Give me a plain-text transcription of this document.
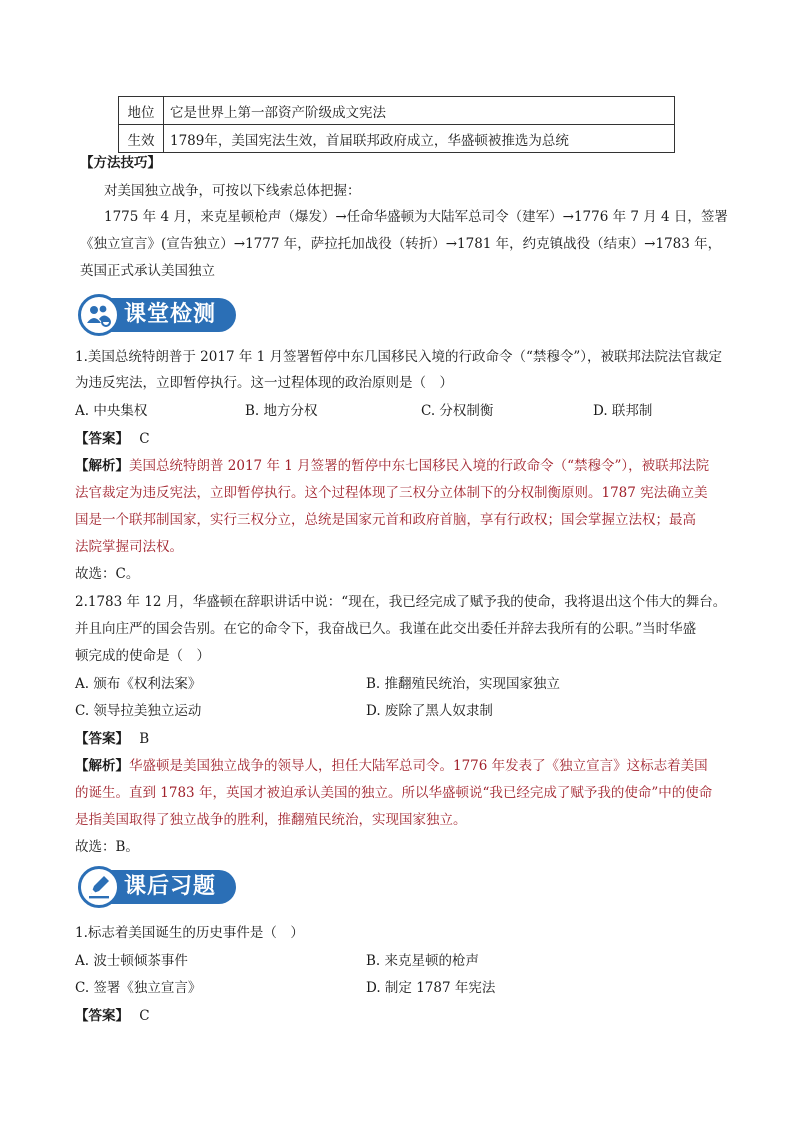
地位	它是世界上第一部资产阶级成文宪法
生效	1789年，美国宪法生效，首届联邦政府成立，华盛顿被推选为总统
【方法技巧】
对美国独立战争，可按以下线索总体把握：
1775 年 4 月，来克星顿枪声（爆发）→任命华盛顿为大陆军总司令（建军）→1776 年 7 月 4 日，签署
《独立宣言》(宣告独立）→1777 年，萨拉托加战役（转折）→1781 年，约克镇战役（结束）→1783 年，
英国正式承认美国独立
课堂检测
1.美国总统特朗普于 2017 年 1 月签署暂停中东几国移民入境的行政命令（“禁穆令”），被联邦法院法官裁定
为违反宪法，立即暂停执行。这一过程体现的政治原则是（　）
A. 中央集权	B. 地方分权	C. 分权制衡	D. 联邦制
【答案】 C
【解析】美国总统特朗普 2017 年 1 月签署的暂停中东七国移民入境的行政命令（“禁穆令”），被联邦法院
法官裁定为违反宪法，立即暂停执行。这个过程体现了三权分立体制下的分权制衡原则。1787 宪法确立美
国是一个联邦制国家，实行三权分立，总统是国家元首和政府首脑，享有行政权；国会掌握立法权；最高
法院掌握司法权。
故选：C。
2.1783 年 12 月，华盛顿在辞职讲话中说：“现在，我已经完成了赋予我的使命，我将退出这个伟大的舞台。
并且向庄严的国会告别。在它的命令下，我奋战已久。我谨在此交出委任并辞去我所有的公职。”当时华盛
顿完成的使命是（　）
A. 颁布《权利法案》	B. 推翻殖民统治，实现国家独立
C. 领导拉美独立运动	D. 废除了黑人奴隶制
【答案】 B
【解析】华盛顿是美国独立战争的领导人，担任大陆军总司令。1776 年发表了《独立宣言》这标志着美国
的诞生。直到 1783 年，英国才被迫承认美国的独立。所以华盛顿说“我已经完成了赋予我的使命”中的使命
是指美国取得了独立战争的胜利，推翻殖民统治，实现国家独立。
故选：B。
课后习题
1.标志着美国诞生的历史事件是（　）
A. 波士顿倾茶事件	B. 来克星顿的枪声
C. 签署《独立宣言》	D. 制定 1787 年宪法
【答案】 C
